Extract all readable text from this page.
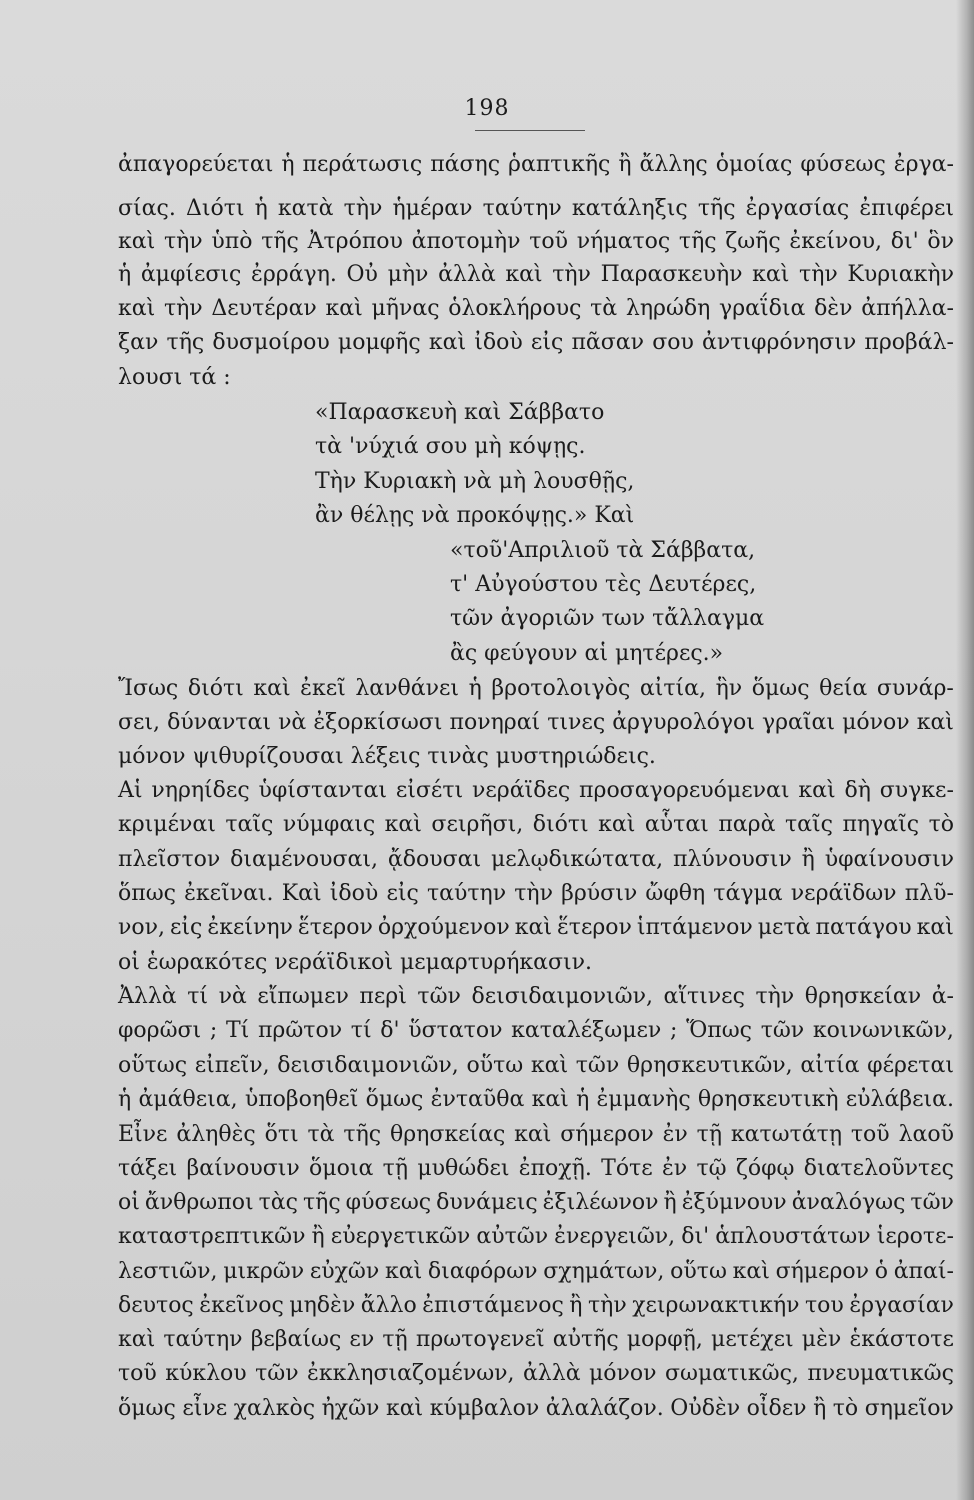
198
ἀπαγορεύεται ἡ περάτωσις πάσης ῥαπτικῆς ἢ ἄλλης ὁμοίας φύσεως ἐργα-
σίας. Διότι ἡ κατὰ τὴν ἡμέραν ταύτην κατάληξις τῆς ἐργασίας ἐπιφέρει
καὶ τὴν ὑπὸ τῆς Ἀτρόπου ἀποτομὴν τοῦ νήματος τῆς ζωῆς ἐκείνου, δι' ὃν
ἡ ἀμφίεσις ἐρράγη. Οὐ μὴν ἀλλὰ καὶ τὴν Παρασκευὴν καὶ τὴν Κυριακὴν
καὶ τὴν Δευτέραν καὶ μῆνας ὁλοκλήρους τὰ ληρώδη γραΐδια δὲν ἀπήλλα-
ξαν τῆς δυσμοίρου μομφῆς καὶ ἰδοὺ εἰς πᾶσαν σου ἀντιφρόνησιν προβάλ-
λουσι τά :
«Παρασκευὴ καὶ Σάββατο
τὰ 'νύχιά σου μὴ κόψῃς.
Τὴν Κυριακὴ νὰ μὴ λουσθῇς,
ἂν θέλῃς νὰ προκόψῃς.» Καὶ
«τοῦ'Απριλιοῦ τὰ Σάββατα,
τ' Αὐγούστου τὲς Δευτέρες,
τῶν ἀγοριῶν των τἄλλαγμα
ἂς φεύγουν αἱ μητέρες.»
Ἴσως διότι καὶ ἐκεῖ λανθάνει ἡ βροτολοιγὸς αἰτία, ἣν ὅμως θεία συνάρ-
σει, δύνανται νὰ ἐξορκίσωσι πονηραί τινες ἀργυρολόγοι γραῖαι μόνον καὶ
μόνον ψιθυρίζουσαι λέξεις τινὰς μυστηριώδεις.
Αἱ νηρηίδες ὑφίστανται εἰσέτι νεράϊδες προσαγορευόμεναι καὶ δὴ συγκε-
κριμέναι ταῖς νύμφαις καὶ σειρῆσι, διότι καὶ αὗται παρὰ ταῖς πηγαῖς τὸ
πλεῖστον διαμένουσαι, ᾄδουσαι μελῳδικώτατα, πλύνουσιν ἢ ὑφαίνουσιν
ὅπως ἐκεῖναι. Καὶ ἰδοὺ εἰς ταύτην τὴν βρύσιν ὤφθη τάγμα νεράϊδων πλῦ-
νον, εἰς ἐκείνην ἕτερον ὀρχούμενον καὶ ἕτερον ἱπτάμενον μετὰ πατάγου καὶ
οἱ ἑωρακότες νεράϊδικοὶ μεμαρτυρήκασιν.
Ἀλλὰ τί νὰ εἴπωμεν περὶ τῶν δεισιδαιμονιῶν, αἵτινες τὴν θρησκείαν ἀ-
φορῶσι ; Τί πρῶτον τί δ' ὕστατον καταλέξωμεν ; Ὅπως τῶν κοινωνικῶν,
οὕτως εἰπεῖν, δεισιδαιμονιῶν, οὕτω καὶ τῶν θρησκευτικῶν, αἰτία φέρεται
ἡ ἀμάθεια, ὑποβοηθεῖ ὅμως ἐνταῦθα καὶ ἡ ἐμμανὴς θρησκευτικὴ εὐλάβεια.
Εἶνε ἀληθὲς ὅτι τὰ τῆς θρησκείας καὶ σήμερον ἐν τῇ κατωτάτῃ τοῦ λαοῦ
τάξει βαίνουσιν ὅμοια τῇ μυθώδει ἐποχῇ. Τότε ἐν τῷ ζόφῳ διατελοῦντες
οἱ ἄνθρωποι τὰς τῆς φύσεως δυνάμεις ἐξιλέωνον ἢ ἐξύμνουν ἀναλόγως τῶν
καταστρεπτικῶν ἢ εὐεργετικῶν αὐτῶν ἐνεργειῶν, δι' ἁπλουστάτων ἱεροτε-
λεστιῶν, μικρῶν εὐχῶν καὶ διαφόρων σχημάτων, οὕτω καὶ σήμερον ὁ ἀπαί-
δευτος ἐκεῖνος μηδὲν ἄλλο ἐπιστάμενος ἢ τὴν χειρωνακτικήν του ἐργασίαν
καὶ ταύτην βεβαίως εν τῇ πρωτογενεῖ αὐτῆς μορφῇ, μετέχει μὲν ἑκάστοτε
τοῦ κύκλου τῶν ἐκκλησιαζομένων, ἀλλὰ μόνον σωματικῶς, πνευματικῶς
ὅμως εἶνε χαλκὸς ἠχῶν καὶ κύμβαλον ἀλαλάζον. Οὐδὲν οἶδεν ἢ τὸ σημεῖον
